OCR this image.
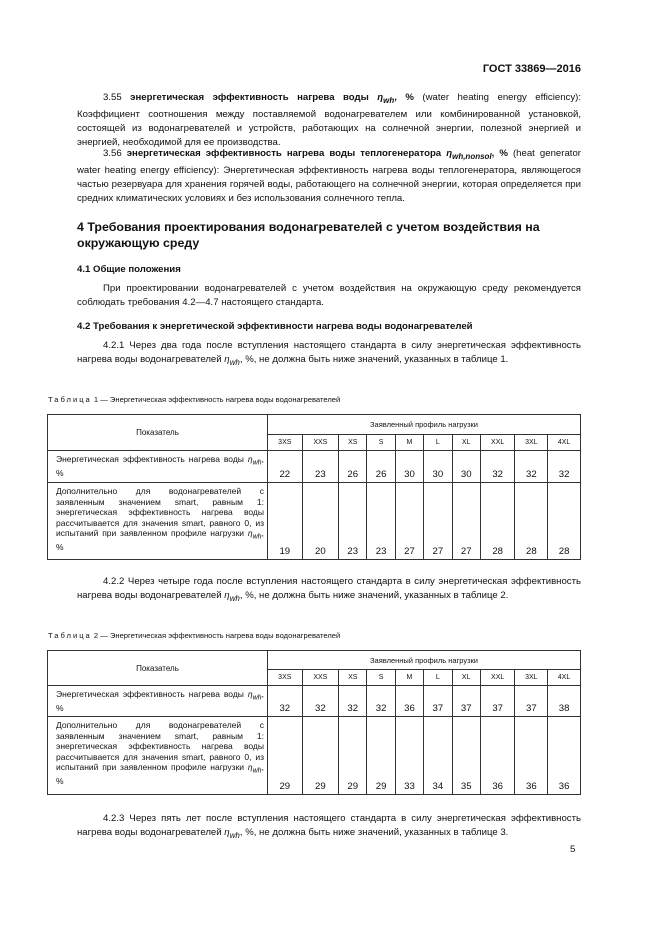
ГОСТ 33869—2016

3.55 энергетическая эффективность нагрева воды $\eta_{wh}$, % (water heating energy efficiency): Коэффициент соотношения между поставляемой водонагревателем или комбинированной установкой, состоящей из водонагревателей и устройств, работающих на солнечной энергии, полезной энергией и энергией, необходимой для ее производства.

3.56 энергетическая эффективность нагрева воды теплогенератора $\eta_{wh,nonsol}$, % (heat generator water heating energy efficiency): Энергетическая эффективность нагрева воды теплогенератора, являющегося частью резервуара для хранения горячей воды, работающего на солнечной энергии, которая определяется при средних климатических условиях и без использования солнечного тепла.

4 Требования проектирования водонагревателей с учетом воздействия на окружающую среду
4.1 Общие положения

При проектировании водонагревателей с учетом воздействия на окружающую среду рекомендуется соблюдать требования 4.2—4.7 настоящего стандарта.

4.2 Требования к энергетической эффективности нагрева воды водонагревателей

4.2.1 Через два года после вступления настоящего стандарта в силу энергетическая эффективность нагрева воды водонагревателей $\eta_{wh}$, %, не должна быть ниже значений, указанных в таблице 1.

Таблица 1 — Энергетическая эффективность нагрева воды водонагревателей
Показатель	Заявленный профиль нагрузки									
	3XS	XXS	XS	S	M	L	XL	XXL	3XL	4XL
Энергетическая эффективность нагрева воды $\eta_{wh}$, %	22	23	26	26	30	30	30	32	32	32
Дополнительно для водонагревателей с заявленным значением smart, равным 1: энергетическая эффективность нагрева воды рассчитывается для значения smart, равного 0, из испытаний при заявленном профиле нагрузки $\eta_{wh}$, %	19	20	23	23	27	27	27	28	28	28

4.2.2 Через четыре года после вступления настоящего стандарта в силу энергетическая эффективность нагрева воды водонагревателей $\eta_{wh}$, %, не должна быть ниже значений, указанных в таблице 2.

Таблица 2 — Энергетическая эффективность нагрева воды водонагревателей
Показатель	Заявленный профиль нагрузки									
	3XS	XXS	XS	S	M	L	XL	XXL	3XL	4XL
Энергетическая эффективность нагрева воды $\eta_{wh}$, %	32	32	32	32	36	37	37	37	37	38
Дополнительно для водонагревателей с заявленным значением smart, равным 1: энергетическая эффективность нагрева воды рассчитывается для значения smart, равного 0, из испытаний при заявленном профиле нагрузки $\eta_{wh}$, %	29	29	29	29	33	34	35	36	36	36

4.2.3 Через пять лет после вступления настоящего стандарта в силу энергетическая эффективность нагрева воды водонагревателей $\eta_{wh}$, %, не должна быть ниже значений, указанных в таблице 3.

5
